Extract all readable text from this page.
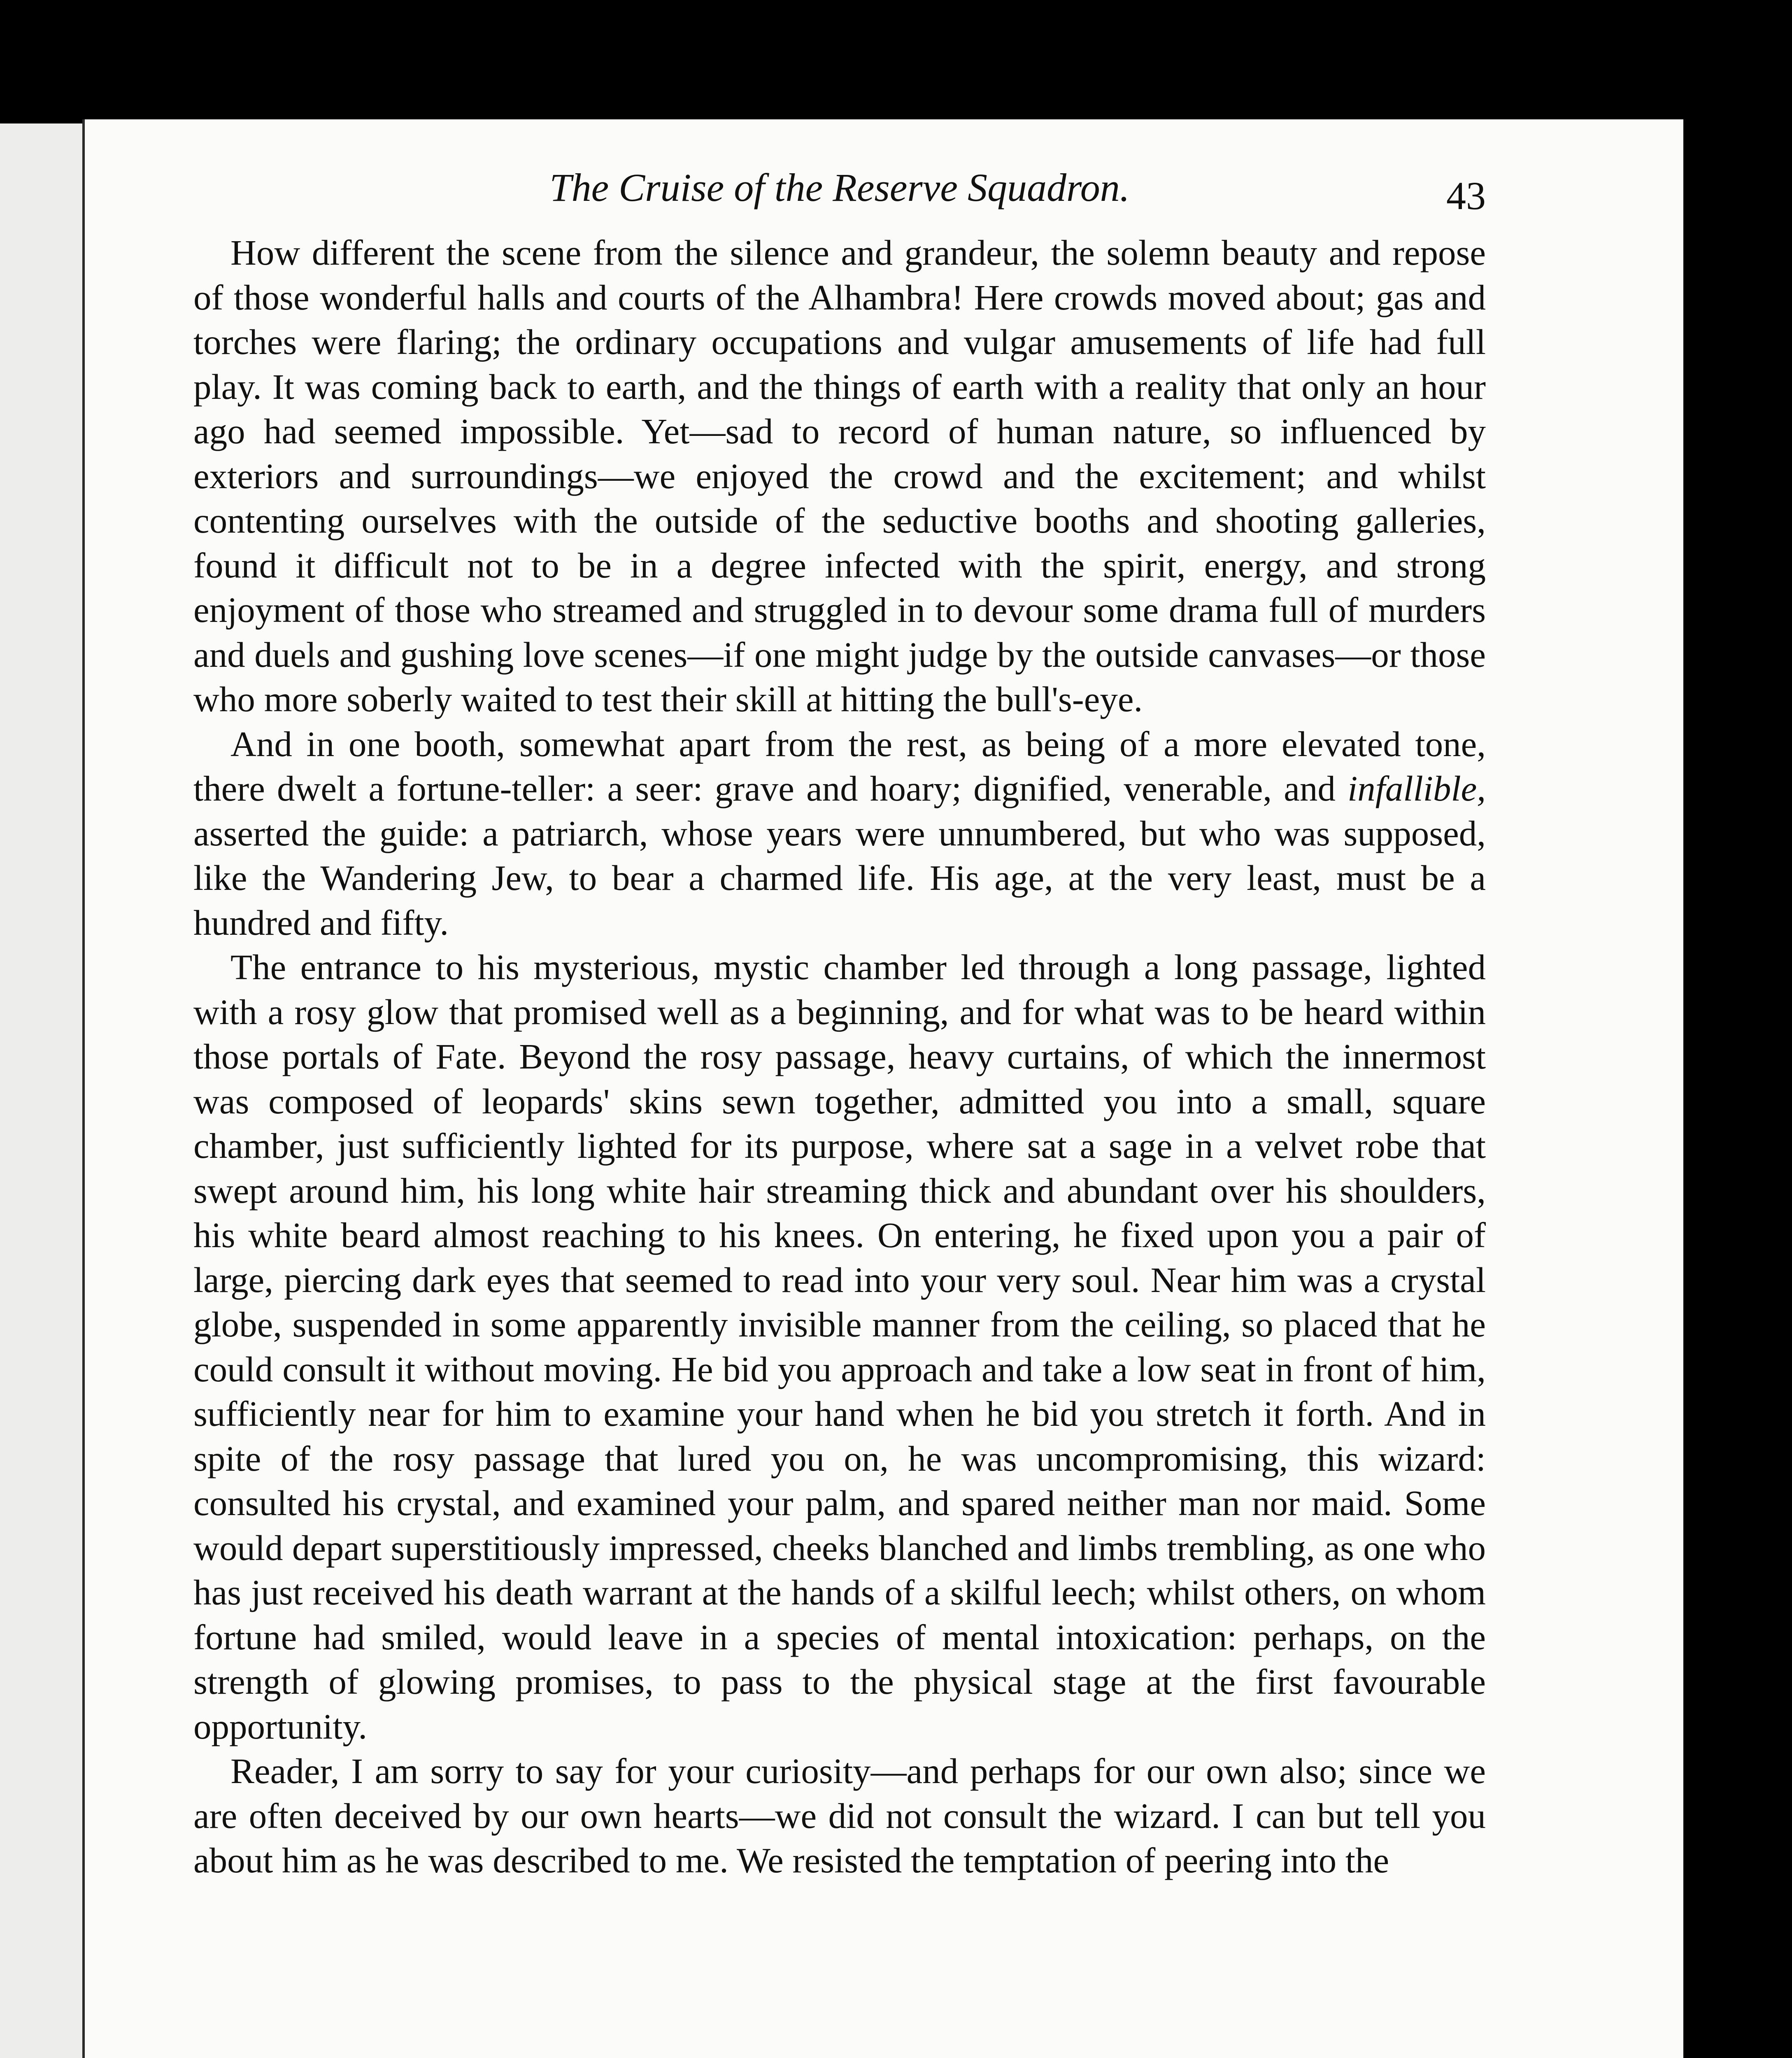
The Cruise of the Reserve Squadron.	43

How different the scene from the silence and grandeur, the solemn beauty and repose of those wonderful halls and courts of the Alhambra! Here crowds moved about; gas and torches were flaring; the ordinary occupations and vulgar amusements of life had full play. It was coming back to earth, and the things of earth with a reality that only an hour ago had seemed impossible. Yet—sad to record of human nature, so influenced by exteriors and surroundings—we enjoyed the crowd and the excitement; and whilst contenting ourselves with the outside of the seductive booths and shooting galleries, found it difficult not to be in a degree infected with the spirit, energy, and strong enjoyment of those who streamed and struggled in to devour some drama full of murders and duels and gushing love scenes—if one might judge by the outside canvases—or those who more soberly waited to test their skill at hitting the bull's-eye.

And in one booth, somewhat apart from the rest, as being of a more elevated tone, there dwelt a fortune-teller: a seer: grave and hoary; dignified, venerable, and infallible, asserted the guide: a patriarch, whose years were unnumbered, but who was supposed, like the Wandering Jew, to bear a charmed life. His age, at the very least, must be a hundred and fifty.

The entrance to his mysterious, mystic chamber led through a long passage, lighted with a rosy glow that promised well as a beginning, and for what was to be heard within those portals of Fate. Beyond the rosy passage, heavy curtains, of which the innermost was composed of leopards' skins sewn together, admitted you into a small, square chamber, just sufficiently lighted for its purpose, where sat a sage in a velvet robe that swept around him, his long white hair streaming thick and abundant over his shoulders, his white beard almost reaching to his knees. On entering, he fixed upon you a pair of large, piercing dark eyes that seemed to read into your very soul. Near him was a crystal globe, suspended in some apparently invisible manner from the ceiling, so placed that he could consult it without moving. He bid you approach and take a low seat in front of him, sufficiently near for him to examine your hand when he bid you stretch it forth. And in spite of the rosy passage that lured you on, he was uncompromising, this wizard: consulted his crystal, and examined your palm, and spared neither man nor maid. Some would depart superstitiously impressed, cheeks blanched and limbs trembling, as one who has just received his death warrant at the hands of a skilful leech; whilst others, on whom fortune had smiled, would leave in a species of mental intoxication: perhaps, on the strength of glowing promises, to pass to the physical stage at the first favourable opportunity.

Reader, I am sorry to say for your curiosity—and perhaps for our own also; since we are often deceived by our own hearts—we did not consult the wizard. I can but tell you about him as he was described to me. We resisted the temptation of peering into the
